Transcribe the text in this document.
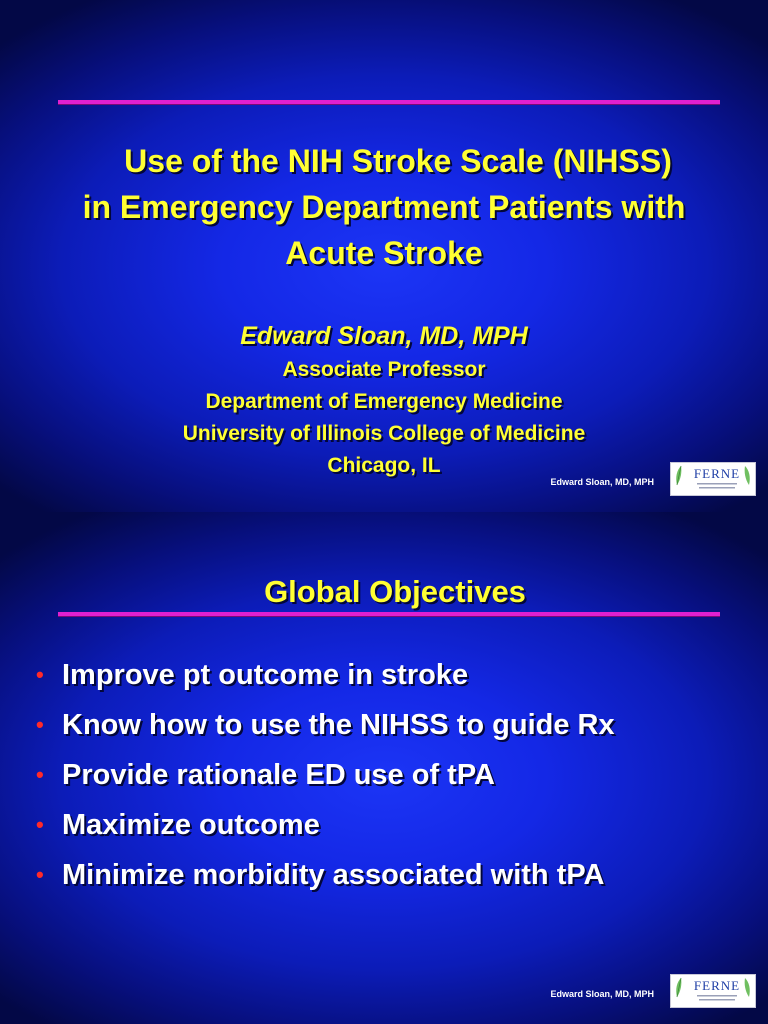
Use of the NIH Stroke Scale (NIHSS)
in Emergency Department Patients with
Acute Stroke
Edward Sloan, MD, MPH
Associate Professor
Department of Emergency Medicine
University of Illinois College of Medicine
Chicago, IL
Edward Sloan, MD, MPH
FERNE
Global Objectives
• Improve pt outcome in stroke
• Know how to use the NIHSS to guide Rx
• Provide rationale ED use of tPA
• Maximize outcome
• Minimize morbidity associated with tPA
Edward Sloan, MD, MPH
FERNE
